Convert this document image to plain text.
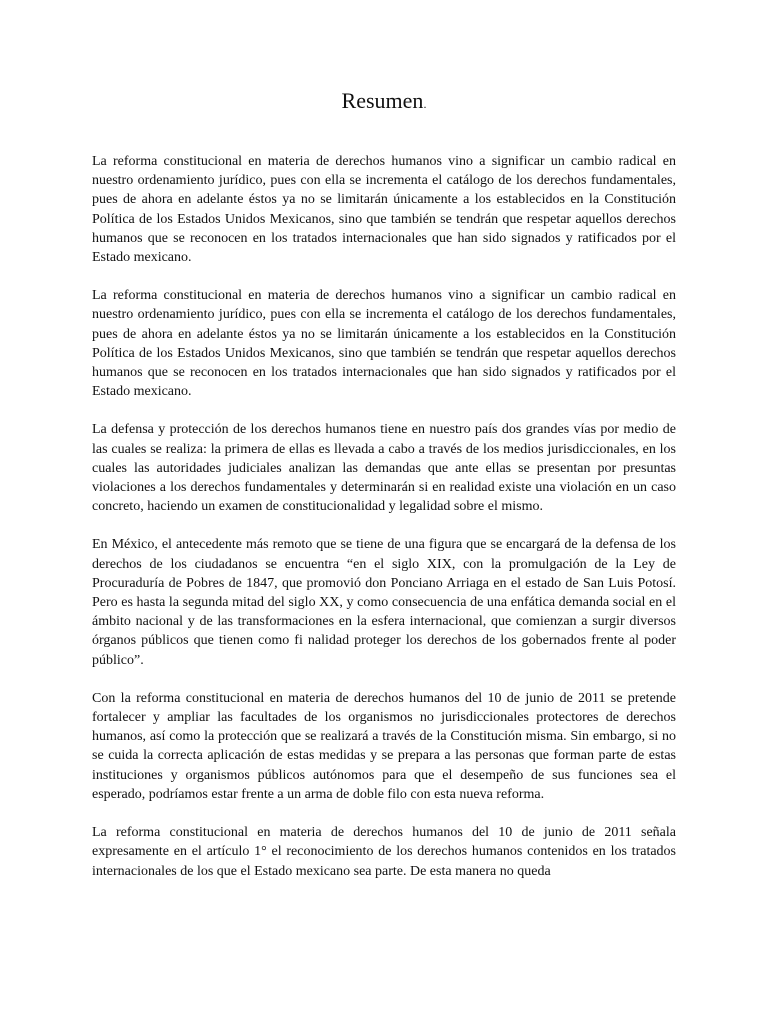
Resumen.

La reforma constitucional en materia de derechos humanos vino a significar un cambio radical en nuestro ordenamiento jurídico, pues con ella se incrementa el catálogo de los derechos fundamentales, pues de ahora en adelante éstos ya no se limitarán únicamente a los establecidos en la Constitución Política de los Estados Unidos Mexicanos, sino que también se tendrán que respetar aquellos derechos humanos que se reconocen en los tratados internacionales que han sido signados y ratificados por el Estado mexicano.

La reforma constitucional en materia de derechos humanos vino a significar un cambio radical en nuestro ordenamiento jurídico, pues con ella se incrementa el catálogo de los derechos fundamentales, pues de ahora en adelante éstos ya no se limitarán únicamente a los establecidos en la Constitución Política de los Estados Unidos Mexicanos, sino que también se tendrán que respetar aquellos derechos humanos que se reconocen en los tratados internacionales que han sido signados y ratificados por el Estado mexicano.

La defensa y protección de los derechos humanos tiene en nuestro país dos grandes vías por medio de las cuales se realiza: la primera de ellas es llevada a cabo a través de los medios jurisdiccionales, en los cuales las autoridades judiciales analizan las demandas que ante ellas se presentan por presuntas violaciones a los derechos fundamentales y determinarán si en realidad existe una violación en un caso concreto, haciendo un examen de constitucionalidad y legalidad sobre el mismo.

En México, el antecedente más remoto que se tiene de una figura que se encargará de la defensa de los derechos de los ciudadanos se encuentra “en el siglo XIX, con la promulgación de la Ley de Procuraduría de Pobres de 1847, que promovió don Ponciano Arriaga en el estado de San Luis Potosí. Pero es hasta la segunda mitad del siglo XX, y como consecuencia de una enfática demanda social en el ámbito nacional y de las transformaciones en la esfera internacional, que comienzan a surgir diversos órganos públicos que tienen como fi nalidad proteger los derechos de los gobernados frente al poder público”.

Con la reforma constitucional en materia de derechos humanos del 10 de junio de 2011 se pretende fortalecer y ampliar las facultades de los organismos no jurisdiccionales protectores de derechos humanos, así como la protección que se realizará a través de la Constitución misma. Sin embargo, si no se cuida la correcta aplicación de estas medidas y se prepara a las personas que forman parte de estas instituciones y organismos públicos autónomos para que el desempeño de sus funciones sea el esperado, podríamos estar frente a un arma de doble filo con esta nueva reforma.

La reforma constitucional en materia de derechos humanos del 10 de junio de 2011 señala expresamente en el artículo 1° el reconocimiento de los derechos humanos contenidos en los tratados internacionales de los que el Estado mexicano sea parte. De esta manera no queda
